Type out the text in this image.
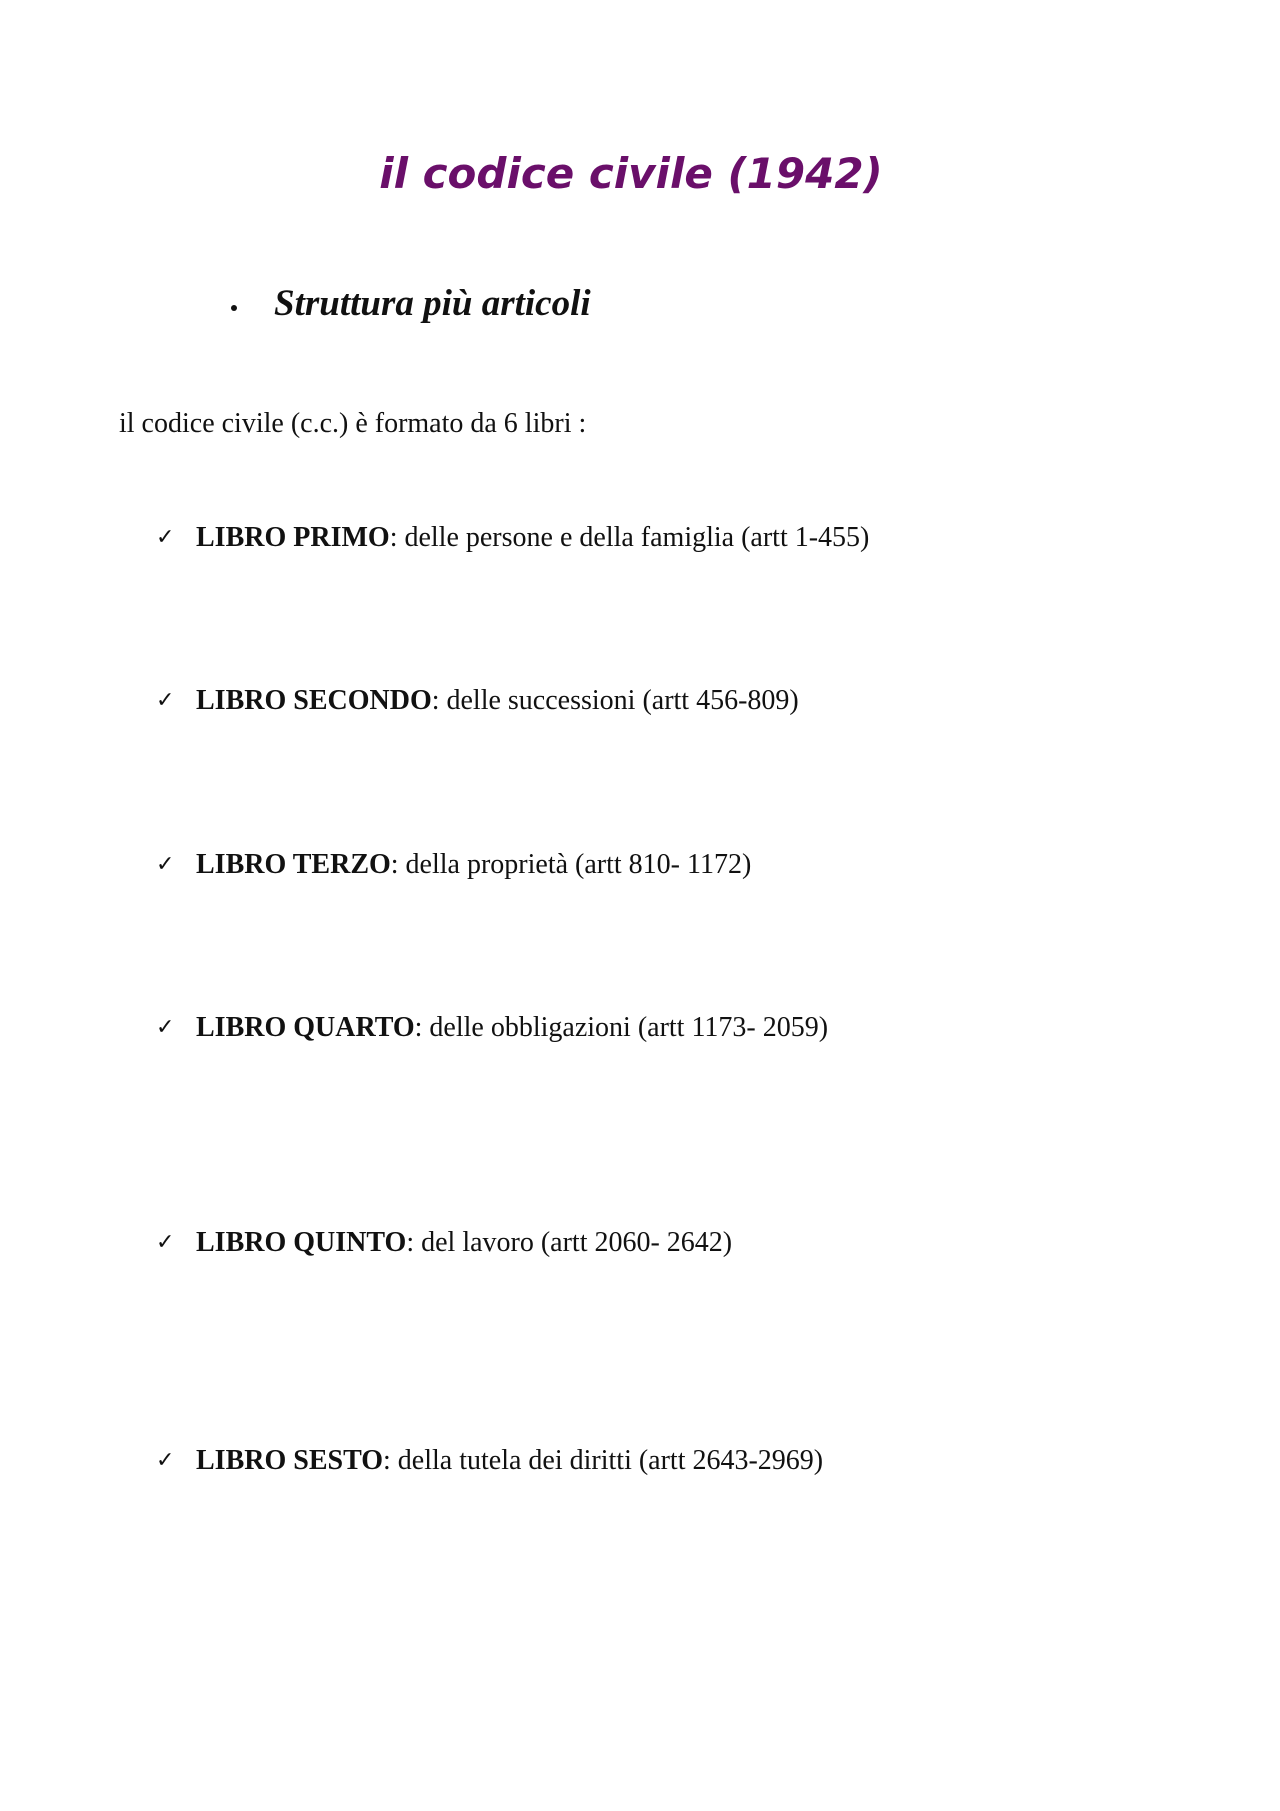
il codice civile (1942)
Struttura più articoli

il codice civile (c.c.) è formato da 6 libri :

✓ LIBRO PRIMO : delle persone e della famiglia (artt 1-455)
✓ LIBRO SECONDO : delle successioni (artt 456-809)
✓ LIBRO TERZO : della proprietà (artt 810- 1172)
✓ LIBRO QUARTO : delle obbligazioni (artt 1173- 2059)
✓ LIBRO QUINTO : del lavoro (artt 2060- 2642)
✓ LIBRO SESTO : della tutela dei diritti (artt 2643-2969)
